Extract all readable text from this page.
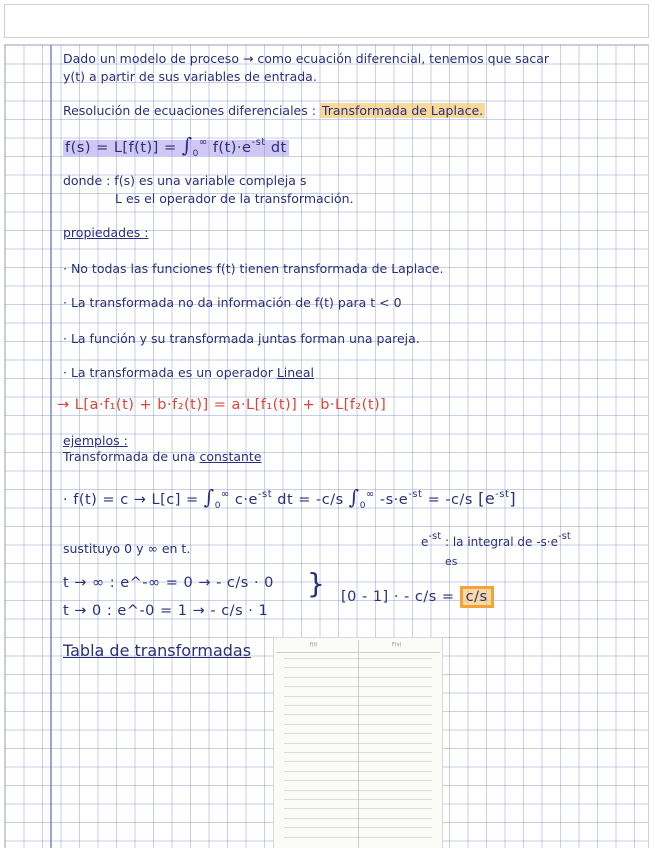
Dado un modelo de proceso → como ecuación diferencial, tenemos que sacar
y(t) a partir de sus variables de entrada.
Resolución de ecuaciones diferenciales : Transformada de Laplace.
$f(s) = L[f(t)] = \int_0^\infty$ $f(t)\cdot e^{-st}$ dt
donde : f(s) es una variable compleja s
L es el operador de la transformación.
propiedades :
· No todas las funciones f(t) tienen transformada de Laplace.
· La transformada no da información de f(t) para t < 0
· La función y su transformada juntas forman una pareja.
· La transformada es un operador Lineal
→ L[a·f₁(t) + b·f₂(t)] = a·L[f₁(t)] + b·L[f₂(t)]
ejemplos :
Transformada de una constante
· $f(t) = c \to L[c] = \int_0^\infty$ $c\cdot e^{-st}$ dt = -c/s $\int_0^\infty$ $-s\cdot e^{-st} = -c/s$ $[e^{-st}]$
sustituyo 0 y ∞ en t.	$e^{-st}$ : la integral de $-s\cdot e^{-st}$
es
t → ∞ : e^-∞ = 0 → - c/s · 0
t → 0 : e^-0 = 1 → - c/s · 1
} [0 - 1] · - c/s = c/s
Tabla de transformadas	f(t)	F(s)
